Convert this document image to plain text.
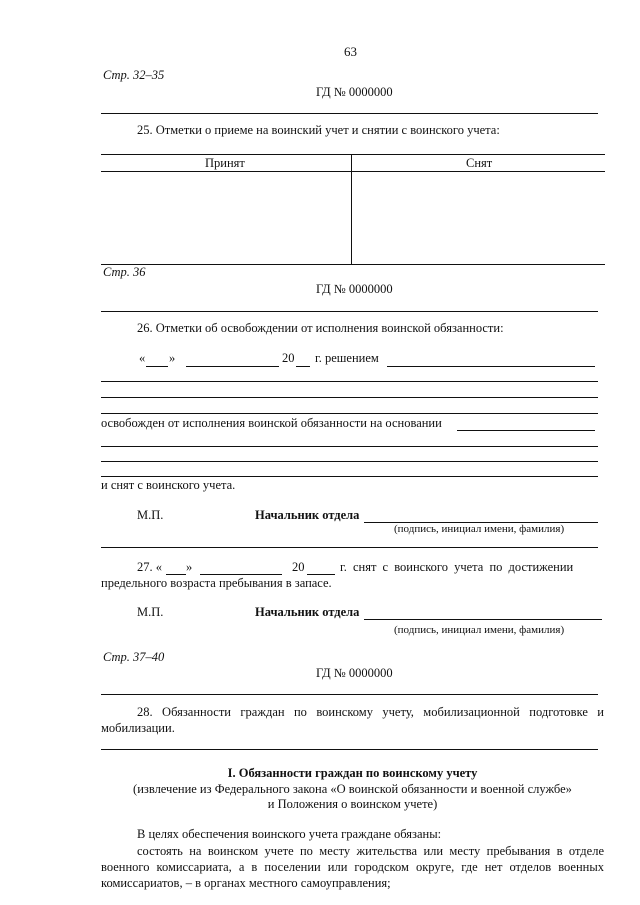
63
Стр. 32–35
ГД № 0000000
25. Отметки о приеме на воинский учет и снятии с воинского учета:
Принят	Снят
Стр. 36
ГД № 0000000
26. Отметки об освобождении от исполнения воинской обязанности:
« »	20 г. решением
освобожден от исполнения воинской обязанности на основании
и снят с воинского учета.
М.П.	Начальник отдела
(подпись, инициал имени, фамилия)
27. « »	20	г. снят с воинского учета по достижении
предельного возраста пребывания в запасе.
М.П.	Начальник отдела
(подпись, инициал имени, фамилия)
Стр. 37–40
ГД № 0000000
28. Обязанности граждан по воинскому учету, мобилизационной подготовке и мобилизации.
I. Обязанности граждан по воинскому учету
(извлечение из Федерального закона «О воинской обязанности и военной службе»
и Положения о воинском учете)
В целях обеспечения воинского учета граждане обязаны:
состоять на воинском учете по месту жительства или месту пребывания в отделе военного комиссариата, а в поселении или городском округе, где нет отделов военных комиссариатов, – в органах местного самоуправления;
